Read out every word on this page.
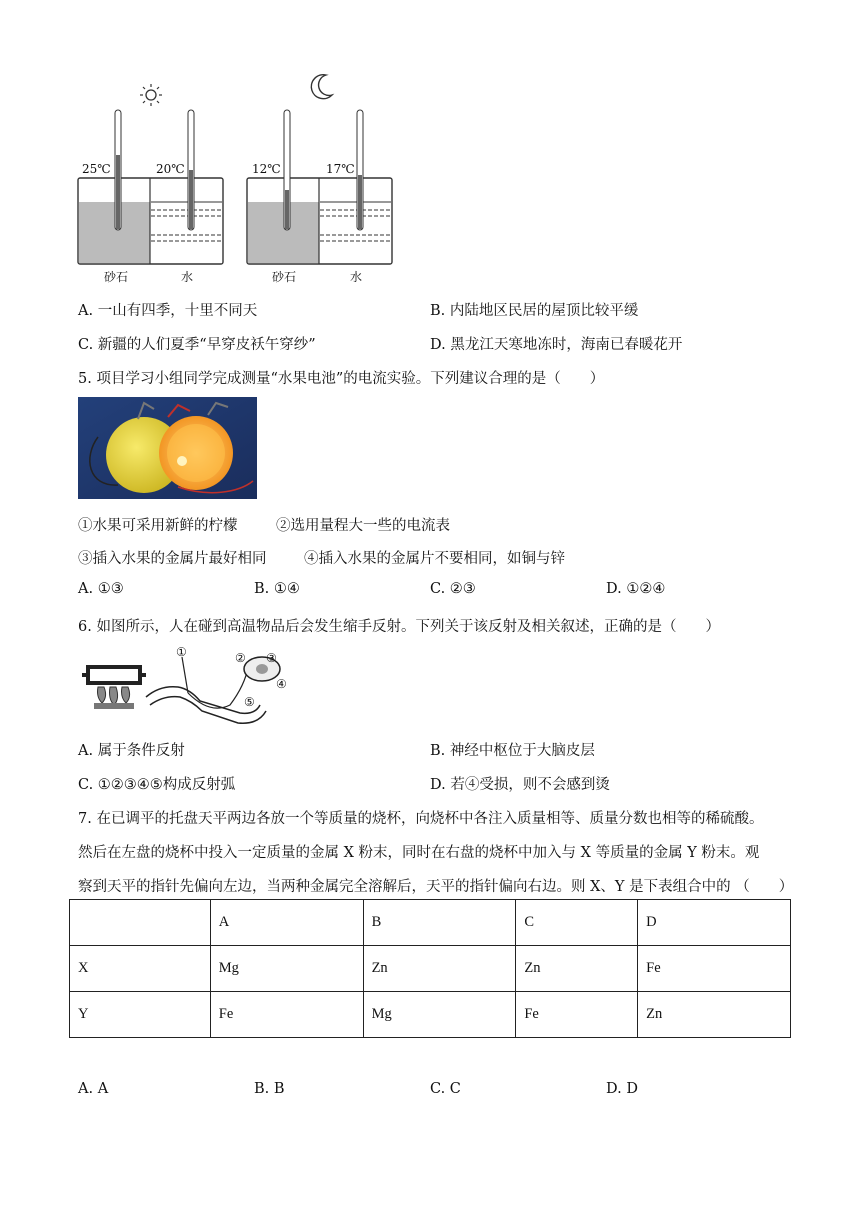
25℃	20℃
砂石	水
12℃	17℃
砂石	水
A. 一山有四季，十里不同天	B. 内陆地区民居的屋顶比较平缓
C. 新疆的人们夏季“早穿皮袄午穿纱”	D. 黑龙江天寒地冻时，海南已春暖花开
5. 项目学习小组同学完成测量“水果电池”的电流实验。下列建议合理的是（　　）
①水果可采用新鲜的柠檬	②选用量程大一些的电流表
③插入水果的金属片最好相同	④插入水果的金属片不要相同，如铜与锌
A. ①③	B. ①④	C. ②③	D. ①②④
6. 如图所示，人在碰到高温物品后会发生缩手反射。下列关于该反射及相关叙述，正确的是（　　）
①	② ③
④
⑤
A. 属于条件反射	B. 神经中枢位于大脑皮层
C. ①②③④⑤构成反射弧	D. 若④受损，则不会感到烫
7. 在已调平的托盘天平两边各放一个等质量的烧杯，向烧杯中各注入质量相等、质量分数也相等的稀硫酸。
然后在左盘的烧杯中投入一定质量的金属 X 粉末，同时在右盘的烧杯中加入与 X 等质量的金属 Y 粉末。观
察到天平的指针先偏向左边，当两种金属完全溶解后，天平的指针偏向右边。则 X、Y 是下表组合中的 （　　）
	A	B	C	D
X	Mg	Zn	Zn	Fe
Y	Fe	Mg	Fe	Zn
A. A	B. B	C. C	D. D
